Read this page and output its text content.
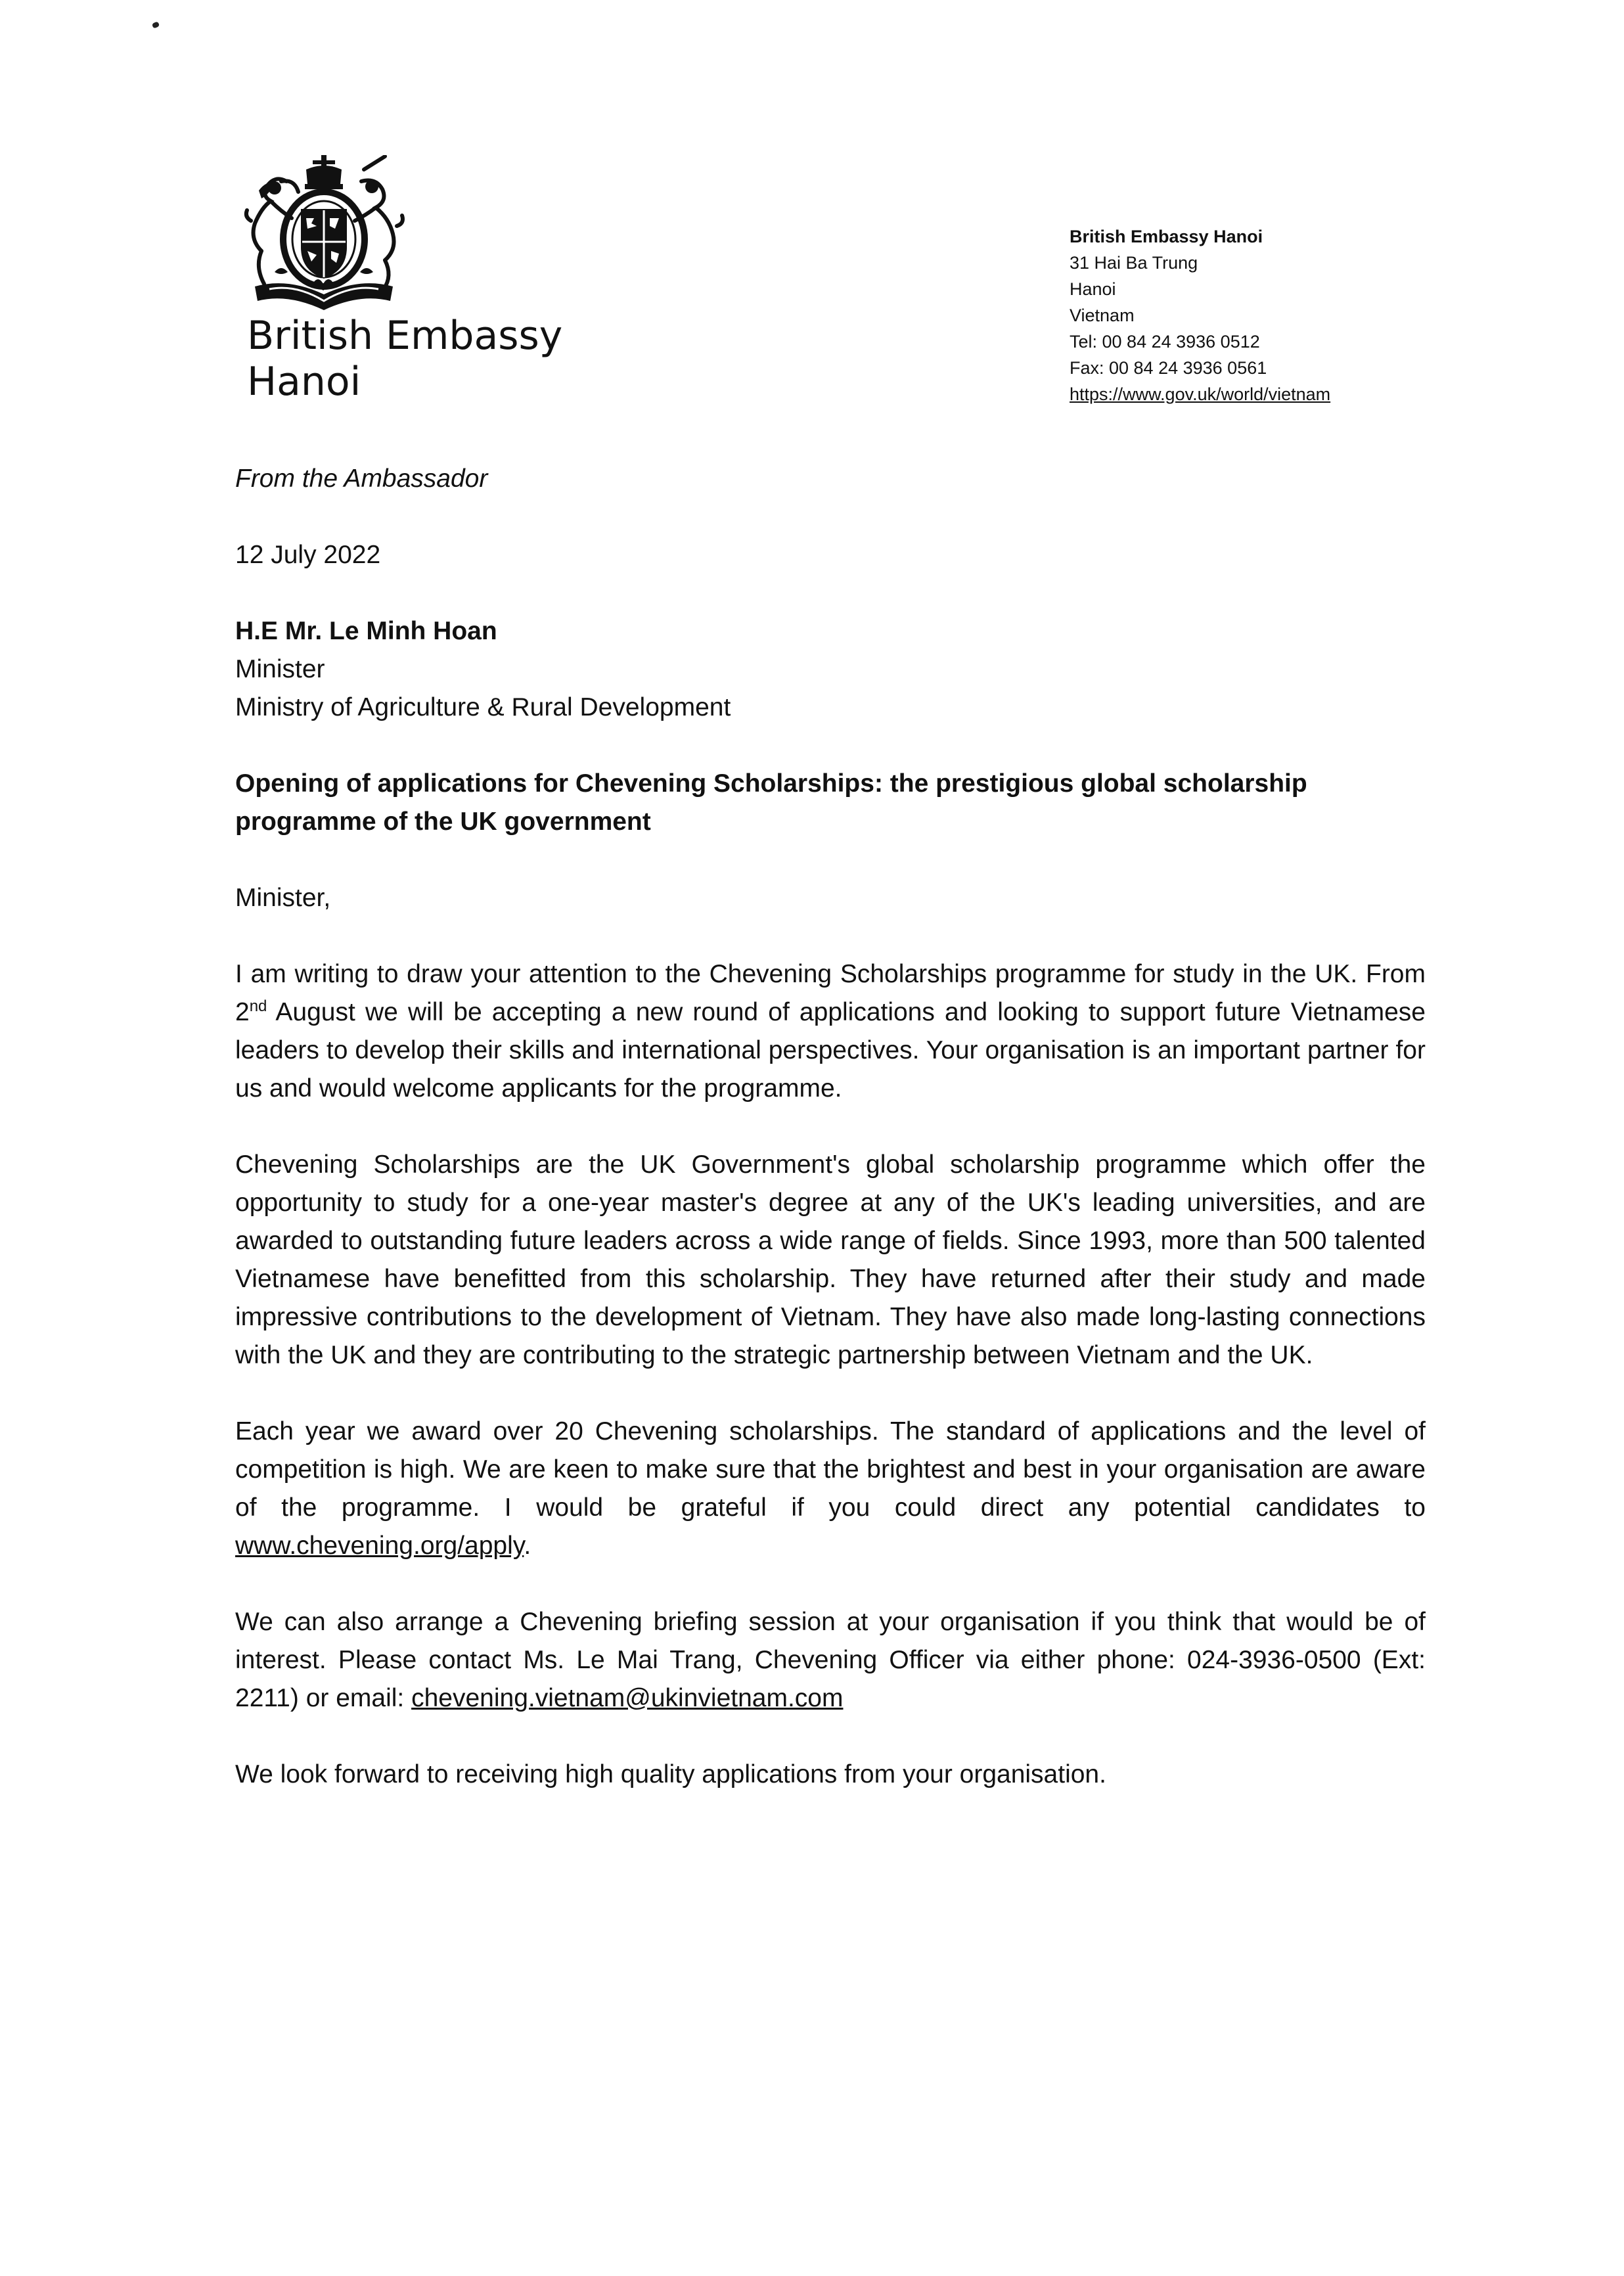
British Embassy
Hanoi
British Embassy Hanoi
31 Hai Ba Trung
Hanoi
Vietnam
Tel: 00 84 24 3936 0512
Fax: 00 84 24 3936 0561
https://www.gov.uk/world/vietnam
From the Ambassador
12 July 2022
H.E Mr. Le Minh Hoan
Minister
Ministry of Agriculture & Rural Development
Opening of applications for Chevening Scholarships: the prestigious global scholarship programme of the UK government
Minister,

I am writing to draw your attention to the Chevening Scholarships programme for study in the UK. From 2nd August we will be accepting a new round of applications and looking to support future Vietnamese leaders to develop their skills and international perspectives. Your organisation is an important partner for us and would welcome applicants for the programme.

Chevening Scholarships are the UK Government's global scholarship programme which offer the opportunity to study for a one-year master's degree at any of the UK's leading universities, and are awarded to outstanding future leaders across a wide range of fields. Since 1993, more than 500 talented Vietnamese have benefitted from this scholarship. They have returned after their study and made impressive contributions to the development of Vietnam. They have also made long-lasting connections with the UK and they are contributing to the strategic partnership between Vietnam and the UK.

Each year we award over 20 Chevening scholarships. The standard of applications and the level of competition is high. We are keen to make sure that the brightest and best in your organisation are aware of the programme. I would be grateful if you could direct any potential candidates to www.chevening.org/apply.

We can also arrange a Chevening briefing session at your organisation if you think that would be of interest. Please contact Ms. Le Mai Trang, Chevening Officer via either phone: 024-3936-0500 (Ext: 2211) or email: chevening.vietnam@ukinvietnam.com

We look forward to receiving high quality applications from your organisation.
